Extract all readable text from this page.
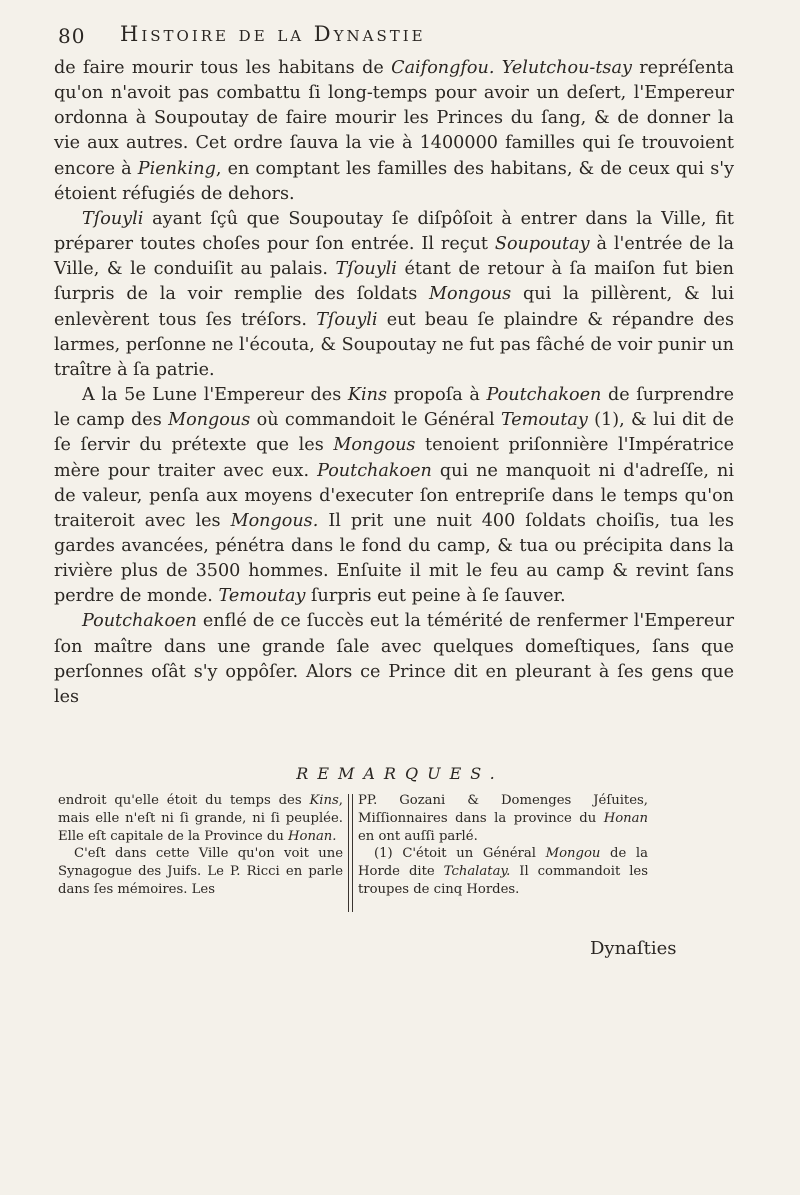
80 Histoire de la Dynastie

de faire mourir tous les habitans de Caifongfou. Yelutchou-tsay repréſenta qu'on n'avoit pas combattu ſi long-temps pour avoir un deſert, l'Empereur ordonna à Soupoutay de faire mourir les Princes du ſang, & de donner la vie aux autres. Cet ordre ſauva la vie à 1400000 familles qui ſe trouvoient encore à Pienking, en comptant les familles des habitans, & de ceux qui s'y étoient réfugiés de dehors.

Tſouyli ayant ſçû que Soupoutay ſe diſpôſoit à entrer dans la Ville, fit préparer toutes choſes pour ſon entrée. Il reçut Soupoutay à l'entrée de la Ville, & le conduiſit au palais. Tſouyli étant de retour à ſa maiſon fut bien ſurpris de la voir remplie des ſoldats Mongous qui la pillèrent, & lui enlevèrent tous ſes tréſors. Tſouyli eut beau ſe plaindre & répandre des larmes, perſonne ne l'écouta, & Soupoutay ne fut pas fâché de voir punir un traître à ſa patrie.

A la 5e Lune l'Empereur des Kins propoſa à Poutchakoen de ſurprendre le camp des Mongous où commandoit le Général Temoutay (1), & lui dit de ſe ſervir du prétexte que les Mongous tenoient priſonnière l'Impératrice mère pour traiter avec eux. Poutchakoen qui ne manquoit ni d'adreſſe, ni de valeur, penſa aux moyens d'executer ſon entrepriſe dans le temps qu'on traiteroit avec les Mongous. Il prit une nuit 400 ſoldats choiſis, tua les gardes avancées, pénétra dans le fond du camp, & tua ou précipita dans la rivière plus de 3500 hommes. Enſuite il mit le feu au camp & revint ſans perdre de monde. Temoutay ſurpris eut peine à ſe ſauver.

Poutchakoen enflé de ce ſuccès eut la témérité de renfermer l'Empereur ſon maître dans une grande ſale avec quelques domeſtiques, ſans que perſonnes oſât s'y oppôſer. Alors ce Prince dit en pleurant à ſes gens que les

REMARQUES.

endroit qu'elle étoit du temps des Kins, mais elle n'eſt ni ſi grande, ni ſi peuplée. Elle eſt capitale de la Province du Honan.

C'eſt dans cette Ville qu'on voit une Synagogue des Juifs. Le P. Ricci en parle dans ſes mémoires. Les

PP. Gozani & Domenges Jéſuites, Miſſionnaires dans la province du Honan en ont auſſi parlé.

(1) C'étoit un Général Mongou de la Horde dite Tchalatay. Il commandoit les troupes de cinq Hordes.

Dynaſties
